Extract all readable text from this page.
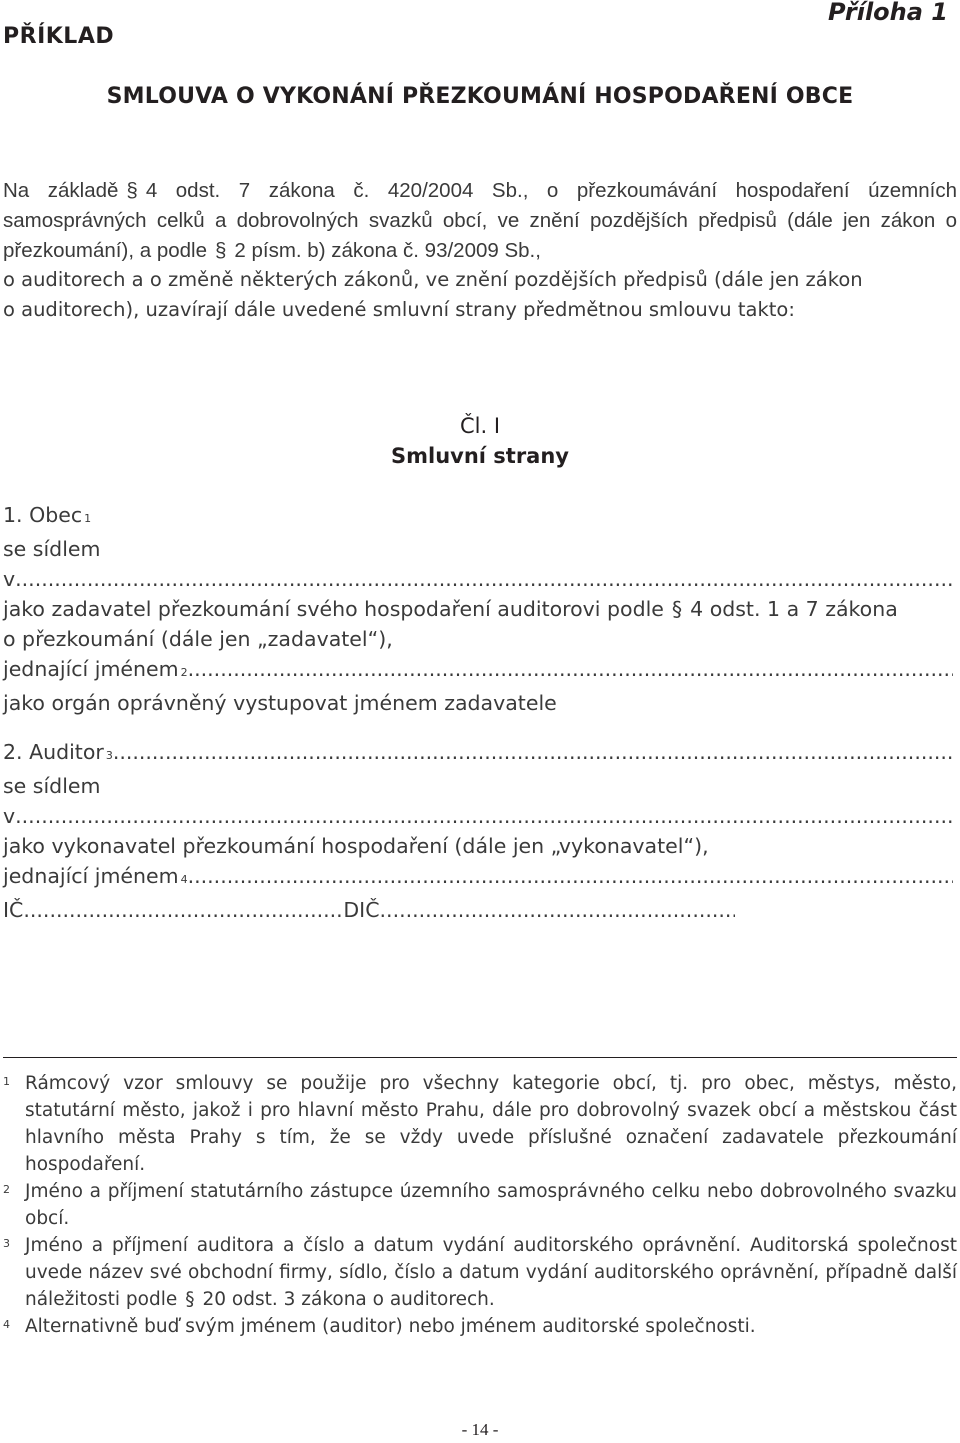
PŘÍKLAD
Příloha 1
SMLOUVA O VYKONÁNÍ PŘEZKOUMÁNÍ HOSPODAŘENÍ OBCE

Na základě § 4 odst. 7 zákona č. 420/2004 Sb., o přezkoumávání hospodaření územních samosprávných celků a dobrovolných svazků obcí, ve znění pozdějších předpisů (dále jen zákon o přezkoumání), a podle § 2 písm. b) zákona č. 93/2009 Sb.,

o auditorech a o změně některých zákonů, ve znění pozdějších předpisů (dále jen zákon
o auditorech), uzavírají dále uvedené smluvní strany předmětnou smlouvu takto:
Čl. I
Smluvní strany
1. Obec 1
se sídlem
v
.....
jako zadavatel přezkoumání svého hospodaření auditorovi podle § 4 odst. 1 a 7 zákona
o přezkoumání (dále jen „zadavatel“),
jednající jménem 2
.....
jako orgán oprávněný vystupovat jménem zadavatele
2. Auditor 3
.....
se sídlem
v
.....
jako vykonavatel přezkoumání hospodaření (dále jen „vykonavatel“),
jednající jménem 4
.....
IČ
.....	DIČ
.....
1 Rámcový vzor smlouvy se použije pro všechny kategorie obcí, tj. pro obec, městys, město, statutární město, jakož i pro hlavní město Prahu, dále pro dobrovolný svazek obcí a městskou část hlavního města Prahy s tím, že se vždy uvede příslušné označení zadavatele přezkoumání hospodaření.
2 Jméno a příjmení statutárního zástupce územního samosprávného celku nebo dobrovolného svazku obcí.
3 Jméno a příjmení auditora a číslo a datum vydání auditorského oprávnění. Auditorská společnost uvede název své obchodní firmy, sídlo, číslo a datum vydání auditorského oprávnění, případně další náležitosti podle § 20 odst. 3 zákona o auditorech.
4 Alternativně buď svým jménem (auditor) nebo jménem auditorské společnosti.
- 14 -
